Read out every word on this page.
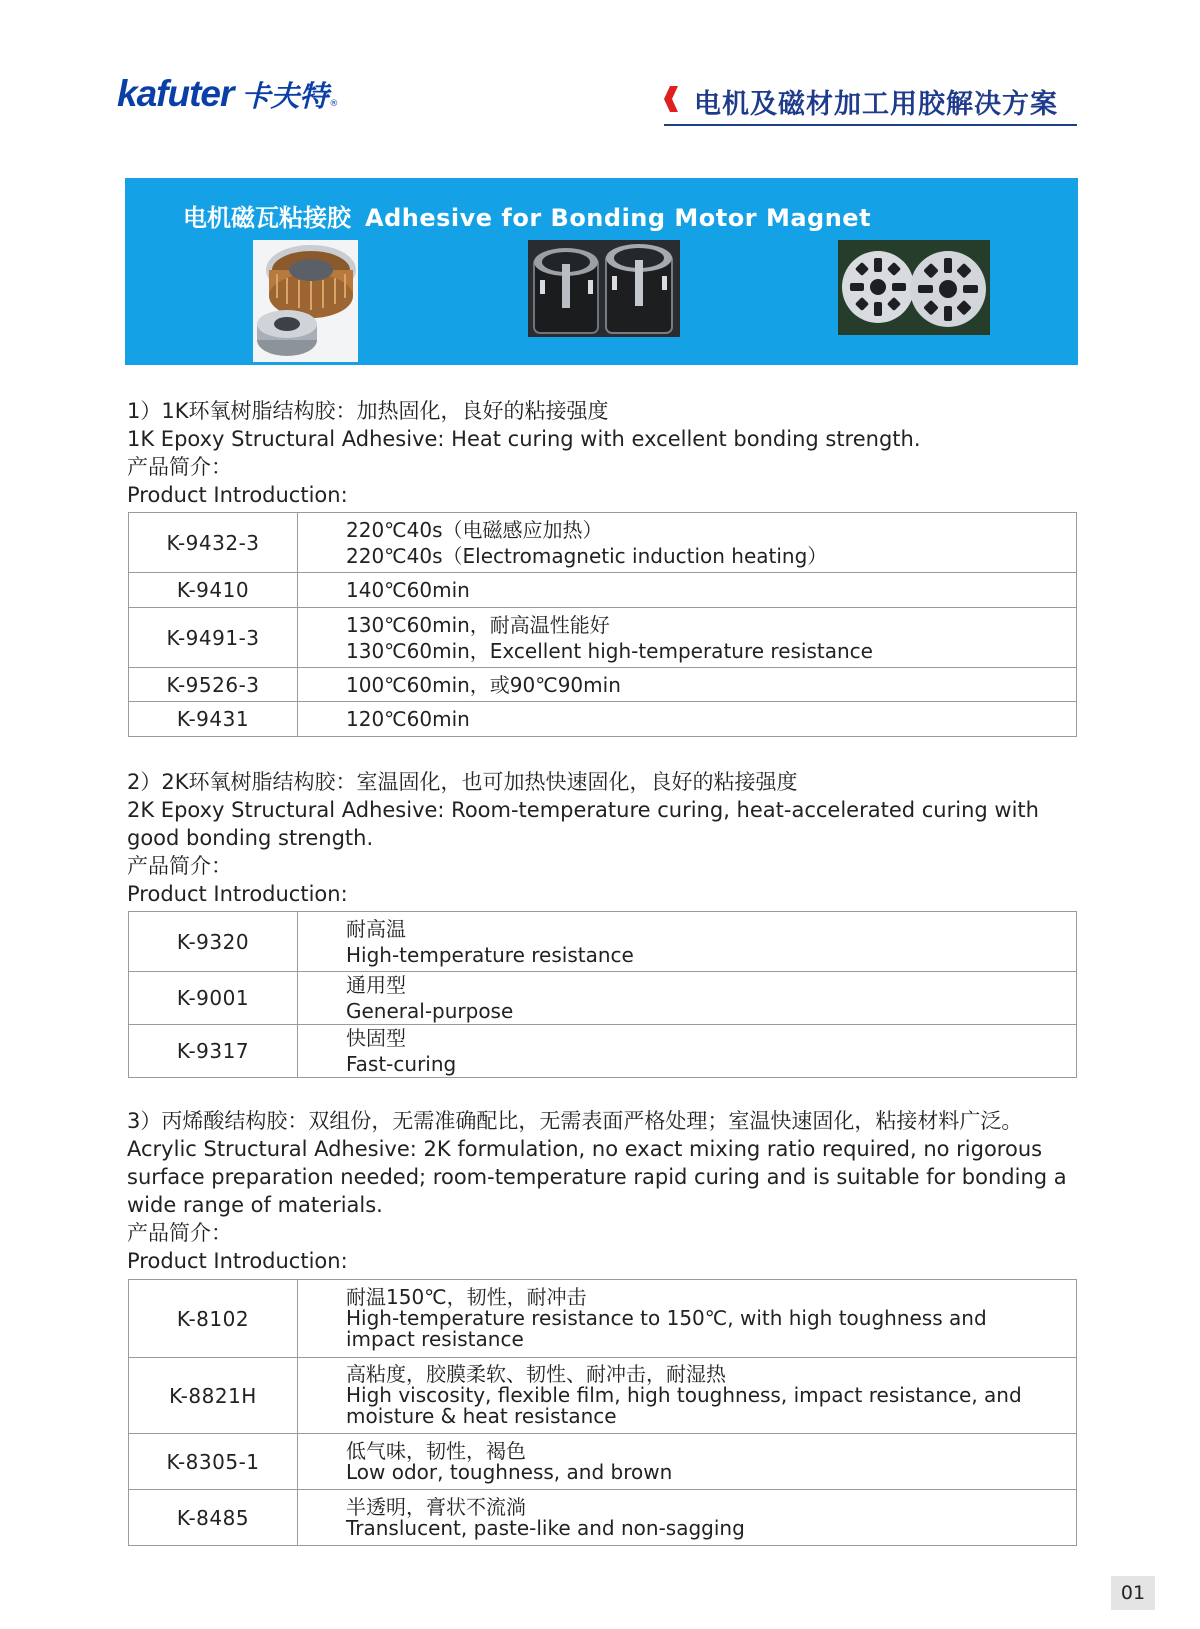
kafuter 卡夫特 ®	电机及磁材加工用胶解决方案
电机磁瓦粘接胶 Adhesive for Bonding Motor Magnet

1）1K环氧树脂结构胶：加热固化，良好的粘接强度

1K Epoxy Structural Adhesive: Heat curing with excellent bonding strength.

产品简介：

Product Introduction:

K-9432-3	220℃40s（电磁感应加热）
220℃40s（Electromagnetic induction heating）

K-9410	140℃60min

K-9491-3	130℃60min，耐高温性能好
130℃60min，Excellent high-temperature resistance

K-9526-3	100℃60min，或90℃90min

K-9431	120℃60min

2）2K环氧树脂结构胶：室温固化，也可加热快速固化，良好的粘接强度

2K Epoxy Structural Adhesive: Room-temperature curing, heat-accelerated curing with good bonding strength.

产品简介：

Product Introduction:

K-9320	耐高温
High-temperature resistance

K-9001	通用型
General-purpose

K-9317	快固型
Fast-curing

3）丙烯酸结构胶：双组份，无需准确配比，无需表面严格处理；室温快速固化，粘接材料广泛。

Acrylic Structural Adhesive: 2K formulation, no exact mixing ratio required, no rigorous surface preparation needed; room-temperature rapid curing and is suitable for bonding a wide range of materials.

产品简介：

Product Introduction:

K-8102	耐温150℃，韧性，耐冲击
High-temperature resistance to 150℃, with high toughness and impact resistance

K-8821H	高粘度，胶膜柔软、韧性、耐冲击，耐湿热
High viscosity, flexible film, high toughness, impact resistance, and moisture & heat resistance

K-8305-1	低气味，韧性，褐色
Low odor, toughness, and brown

K-8485	半透明，膏状不流淌
Translucent, paste-like and non-sagging
01
